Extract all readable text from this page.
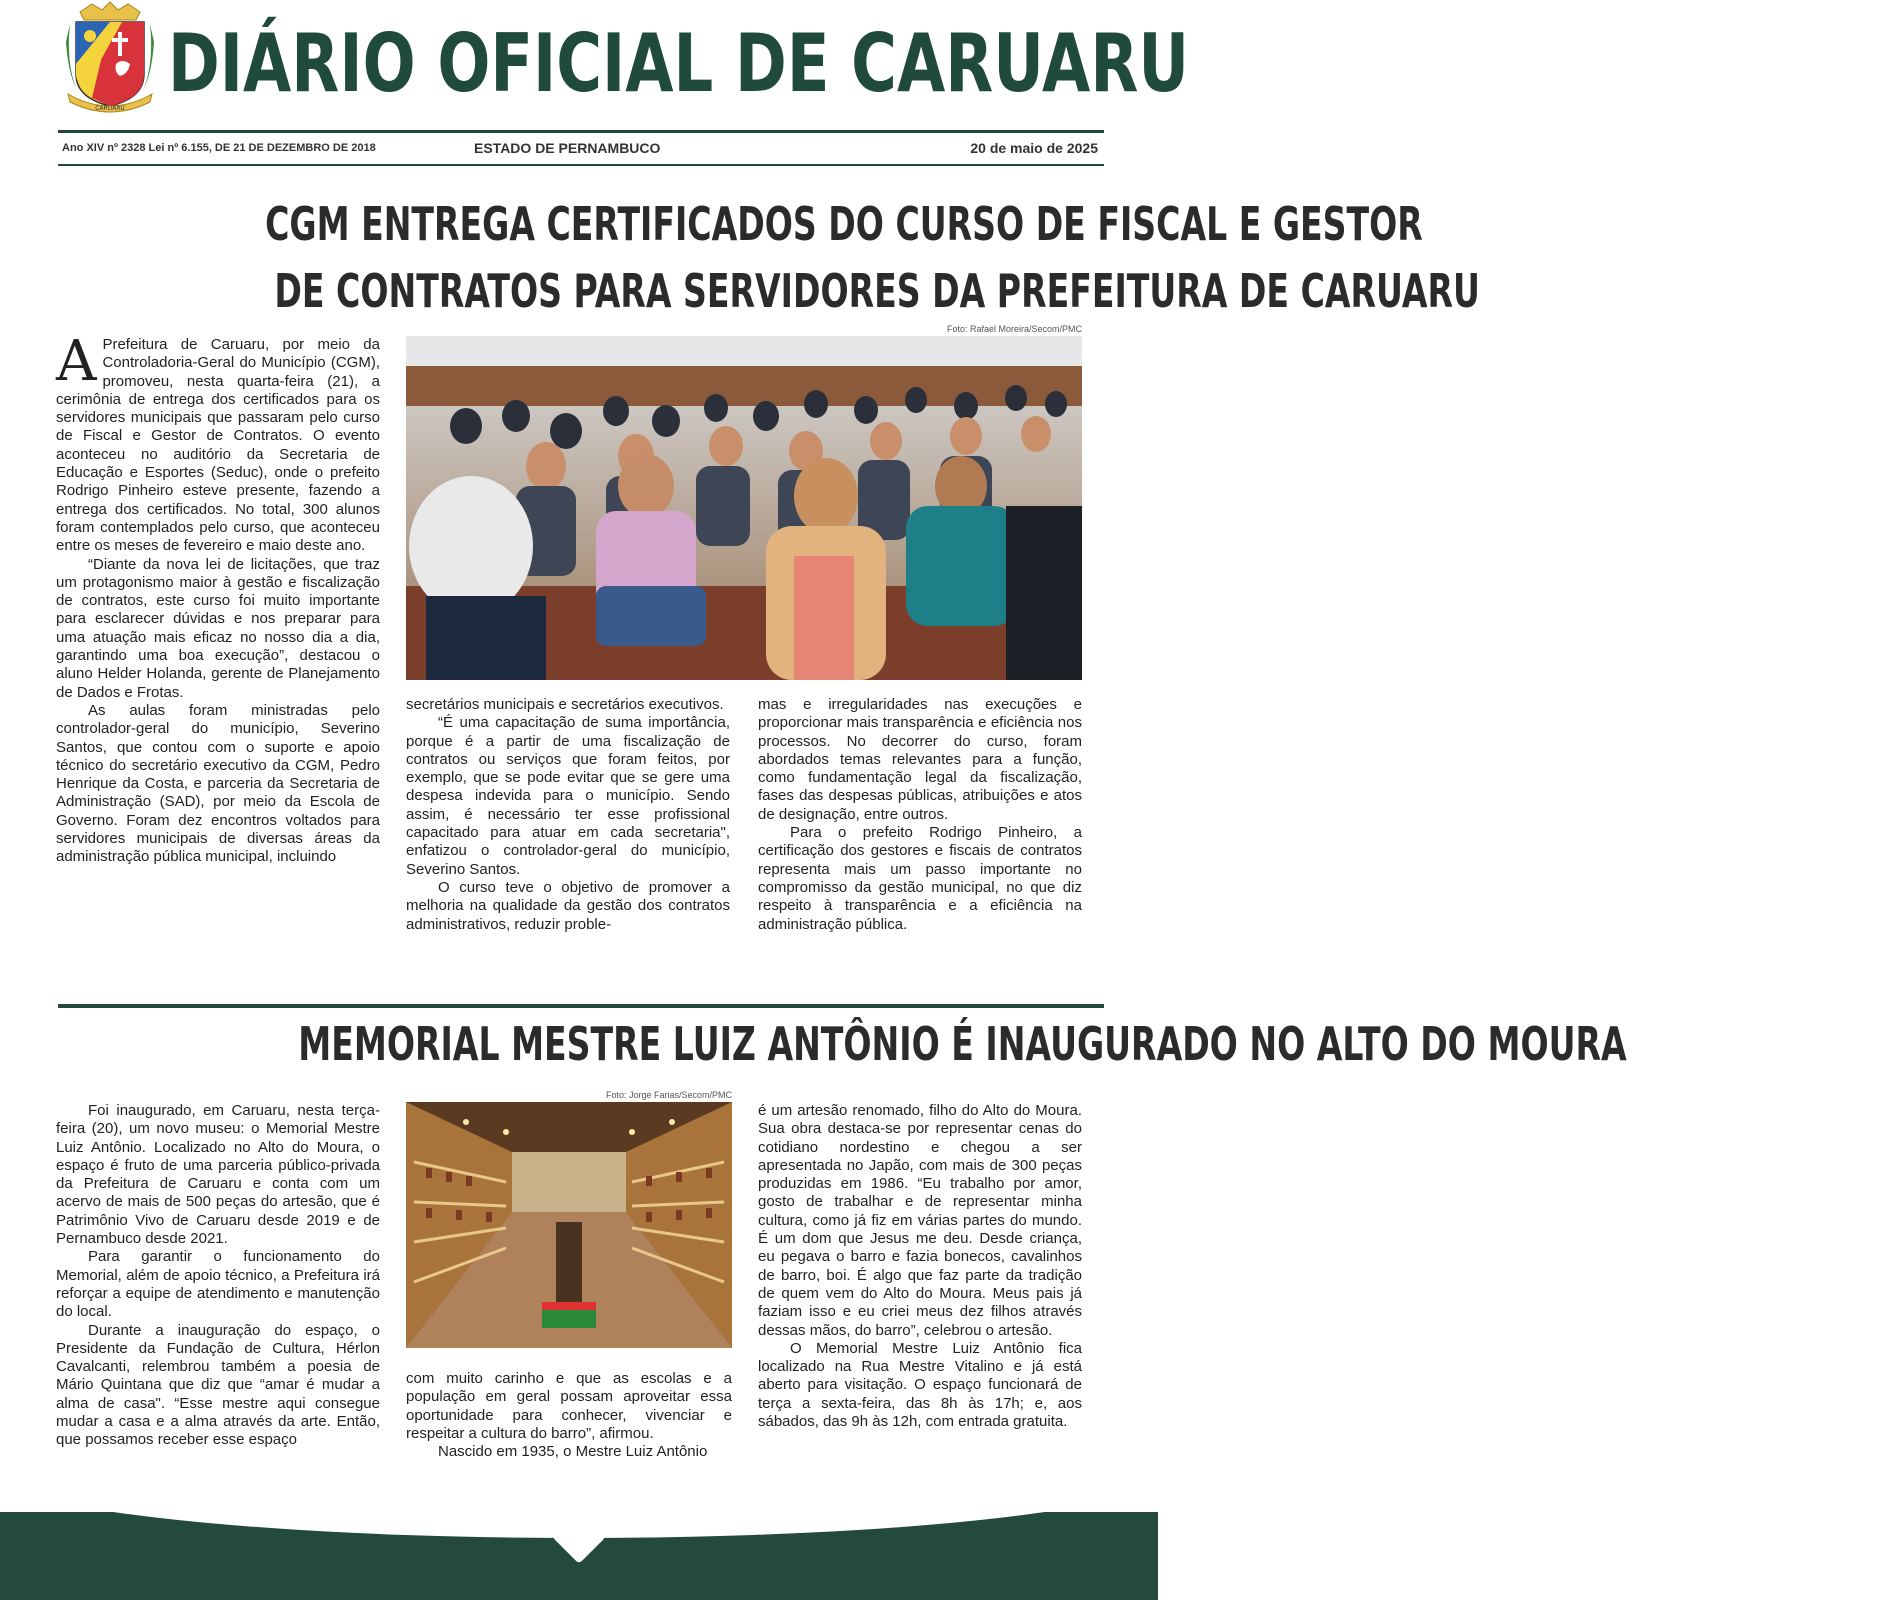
CARUARU DIÁRIO OFICIAL DE CARUARU
Ano XIV nº 2328 Lei nº 6.155, DE 21 DE DEZEMBRO DE 2018	ESTADO DE PERNAMBUCO	20 de maio de 2025
CGM ENTREGA CERTIFICADOS DO CURSO DE FISCAL E GESTOR
DE CONTRATOS PARA SERVIDORES DA PREFEITURA DE CARUARU

A Prefeitura de Caruaru, por meio da Controladoria-Geral do Município (CGM), promoveu, nesta quarta-feira (21), a cerimônia de entrega dos certificados para os servidores municipais que passaram pelo curso de Fiscal e Gestor de Contratos. O evento aconteceu no auditório da Secretaria de Educação e Esportes (Seduc), onde o prefeito Rodrigo Pinheiro esteve presente, fazendo a entrega dos certificados. No total, 300 alunos foram contemplados pelo curso, que aconteceu entre os meses de fevereiro e maio deste ano.

“Diante da nova lei de licitações, que traz um protagonismo maior à gestão e fiscalização de contratos, este curso foi muito importante para esclarecer dúvidas e nos preparar para uma atuação mais eficaz no nosso dia a dia, garantindo uma boa execução”, destacou o aluno Helder Holanda, gerente de Planejamento de Dados e Frotas.

As aulas foram ministradas pelo controlador-geral do município, Severino Santos, que contou com o suporte e apoio técnico do secretário executivo da CGM, Pedro Henrique da Costa, e parceria da Secretaria de Administração (SAD), por meio da Escola de Governo. Foram dez encontros voltados para servidores municipais de diversas áreas da administração pública municipal, incluindo

Foto: Rafael Moreira/Secom/PMC

secretários municipais e secretários executivos.

“É uma capacitação de suma importância, porque é a partir de uma fiscalização de contratos ou serviços que foram feitos, por exemplo, que se pode evitar que se gere uma despesa indevida para o município. Sendo assim, é necessário ter esse profissional capacitado para atuar em cada secretaria", enfatizou o controlador-geral do município, Severino Santos.

O curso teve o objetivo de promover a melhoria na qualidade da gestão dos contratos administrativos, reduzir proble-

mas e irregularidades nas execuções e proporcionar mais transparência e eficiência nos processos. No decorrer do curso, foram abordados temas relevantes para a função, como fundamentação legal da fiscalização, fases das despesas públicas, atribuições e atos de designação, entre outros.

Para o prefeito Rodrigo Pinheiro, a certificação dos gestores e fiscais de contratos representa mais um passo importante no compromisso da gestão municipal, no que diz respeito à transparência e a eficiência na administração pública.

MEMORIAL MESTRE LUIZ ANTÔNIO É INAUGURADO NO ALTO DO MOURA

Foi inaugurado, em Caruaru, nesta terça-feira (20), um novo museu: o Memorial Mestre Luiz Antônio. Localizado no Alto do Moura, o espaço é fruto de uma parceria público-privada da Prefeitura de Caruaru e conta com um acervo de mais de 500 peças do artesão, que é Patrimônio Vivo de Caruaru desde 2019 e de Pernambuco desde 2021.

Para garantir o funcionamento do Memorial, além de apoio técnico, a Prefeitura irá reforçar a equipe de atendimento e manutenção do local.

Durante a inauguração do espaço, o Presidente da Fundação de Cultura, Hérlon Cavalcanti, relembrou também a poesia de Mário Quintana que diz que “amar é mudar a alma de casa". “Esse mestre aqui consegue mudar a casa e a alma através da arte. Então, que possamos receber esse espaço

Foto: Jorge Farias/Secom/PMC

com muito carinho e que as escolas e a população em geral possam aproveitar essa oportunidade para conhecer, vivenciar e respeitar a cultura do barro”, afirmou.

Nascido em 1935, o Mestre Luiz Antônio

é um artesão renomado, filho do Alto do Moura. Sua obra destaca-se por representar cenas do cotidiano nordestino e chegou a ser apresentada no Japão, com mais de 300 peças produzidas em 1986. “Eu trabalho por amor, gosto de trabalhar e de representar minha cultura, como já fiz em várias partes do mundo. É um dom que Jesus me deu. Desde criança, eu pegava o barro e fazia bonecos, cavalinhos de barro, boi. É algo que faz parte da tradição de quem vem do Alto do Moura. Meus pais já faziam isso e eu criei meus dez filhos através dessas mãos, do barro”, celebrou o artesão.

O Memorial Mestre Luiz Antônio fica localizado na Rua Mestre Vitalino e já está aberto para visitação. O espaço funcionará de terça a sexta-feira, das 8h às 17h; e, aos sábados, das 9h às 12h, com entrada gratuita.
